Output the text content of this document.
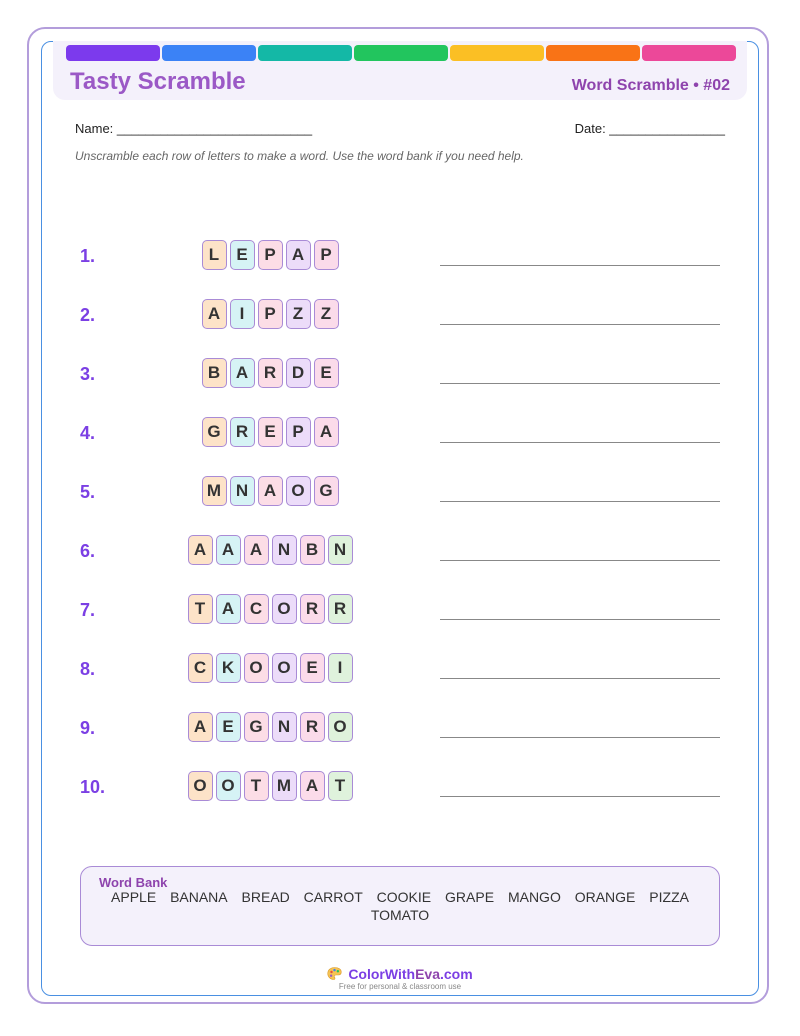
Tasty Scramble	Word Scramble • #02
Name: ___________________________	Date: ________________
Unscramble each row of letters to make a word. Use the word bank if you need help.
1.	L	E P A P
2.	A	I	P	Z	Z
3.	B A R D E
4.	G R E P A
5.	M N A O G
6.	A A A N B N
7.	T A C O R R
8.	C K O O E	I
9.	A E G N R O
10.	O O T M A T
Word Bank
APPLE BANANA BREAD CARROT COOKIE GRAPE MANGO ORANGE PIZZA TOMATO
ColorWithEva.com
Free for personal & classroom use
